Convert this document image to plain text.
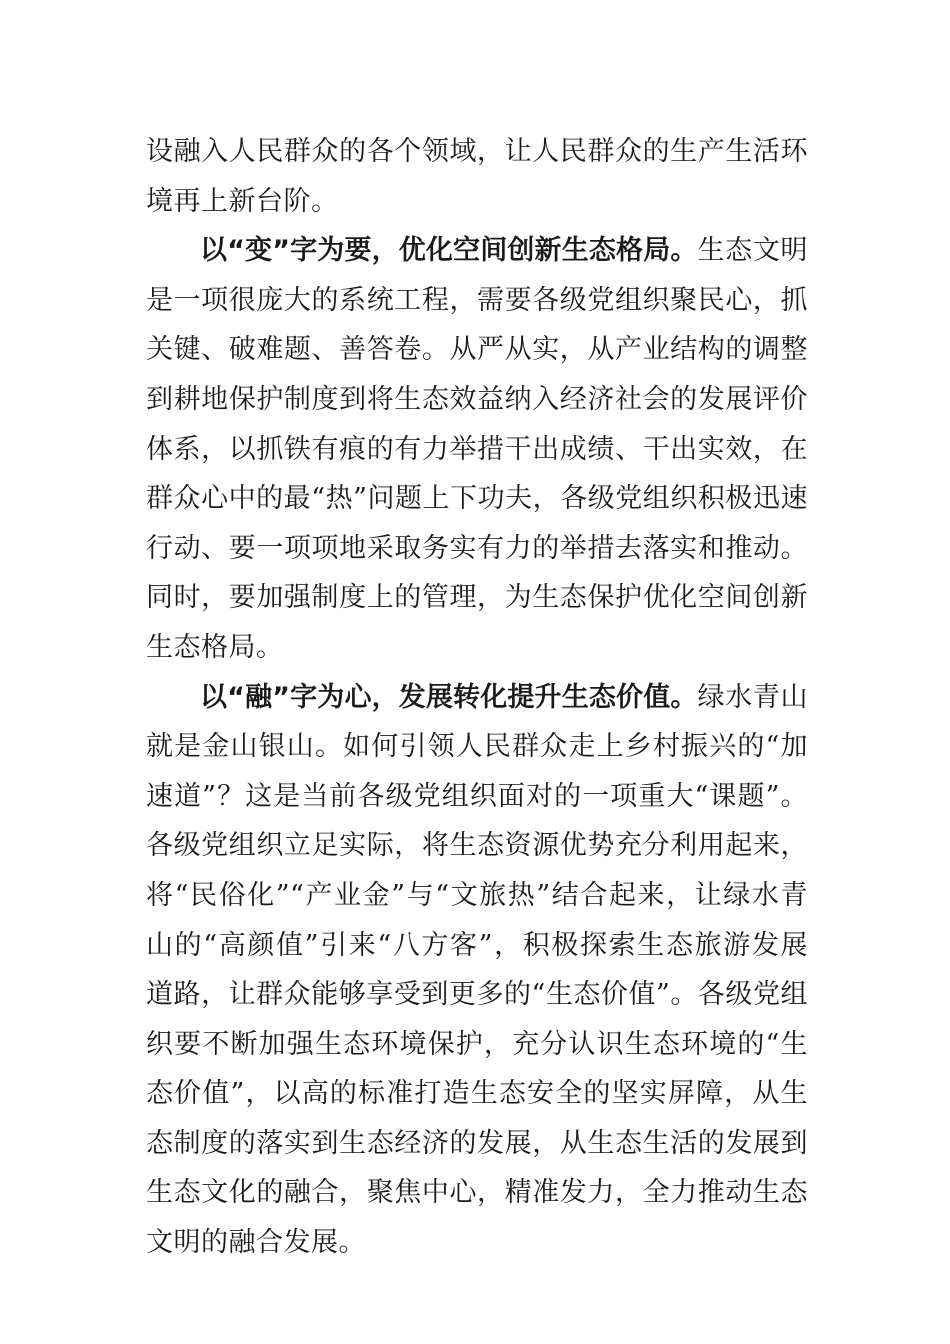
设融入人民群众的各个领域，让人民群众的生产生活环境再上新台阶。

以“变”字为要，优化空间创新生态格局。生态文明是一项很庞大的系统工程，需要各级党组织聚民心，抓关键、破难题、善答卷。从严从实，从产业结构的调整到耕地保护制度到将生态效益纳入经济社会的发展评价体系，以抓铁有痕的有力举措干出成绩、干出实效，在群众心中的最“热”问题上下功夫，各级党组织积极迅速行动、要一项项地采取务实有力的举措去落实和推动。同时，要加强制度上的管理，为生态保护优化空间创新生态格局。

以“融”字为心，发展转化提升生态价值。绿水青山就是金山银山。如何引领人民群众走上乡村振兴的“加速道”？这是当前各级党组织面对的一项重大“课题”。各级党组织立足实际，将生态资源优势充分利用起来，将“民俗化”“产业金”与“文旅热”结合起来，让绿水青山的“高颜值”引来“八方客”，积极探索生态旅游发展道路，让群众能够享受到更多的“生态价值”。各级党组织要不断加强生态环境保护，充分认识生态环境的“生态价值”，以高的标准打造生态安全的坚实屏障，从生态制度的落实到生态经济的发展，从生态生活的发展到生态文化的融合，聚焦中心，精准发力，全力推动生态文明的融合发展。
